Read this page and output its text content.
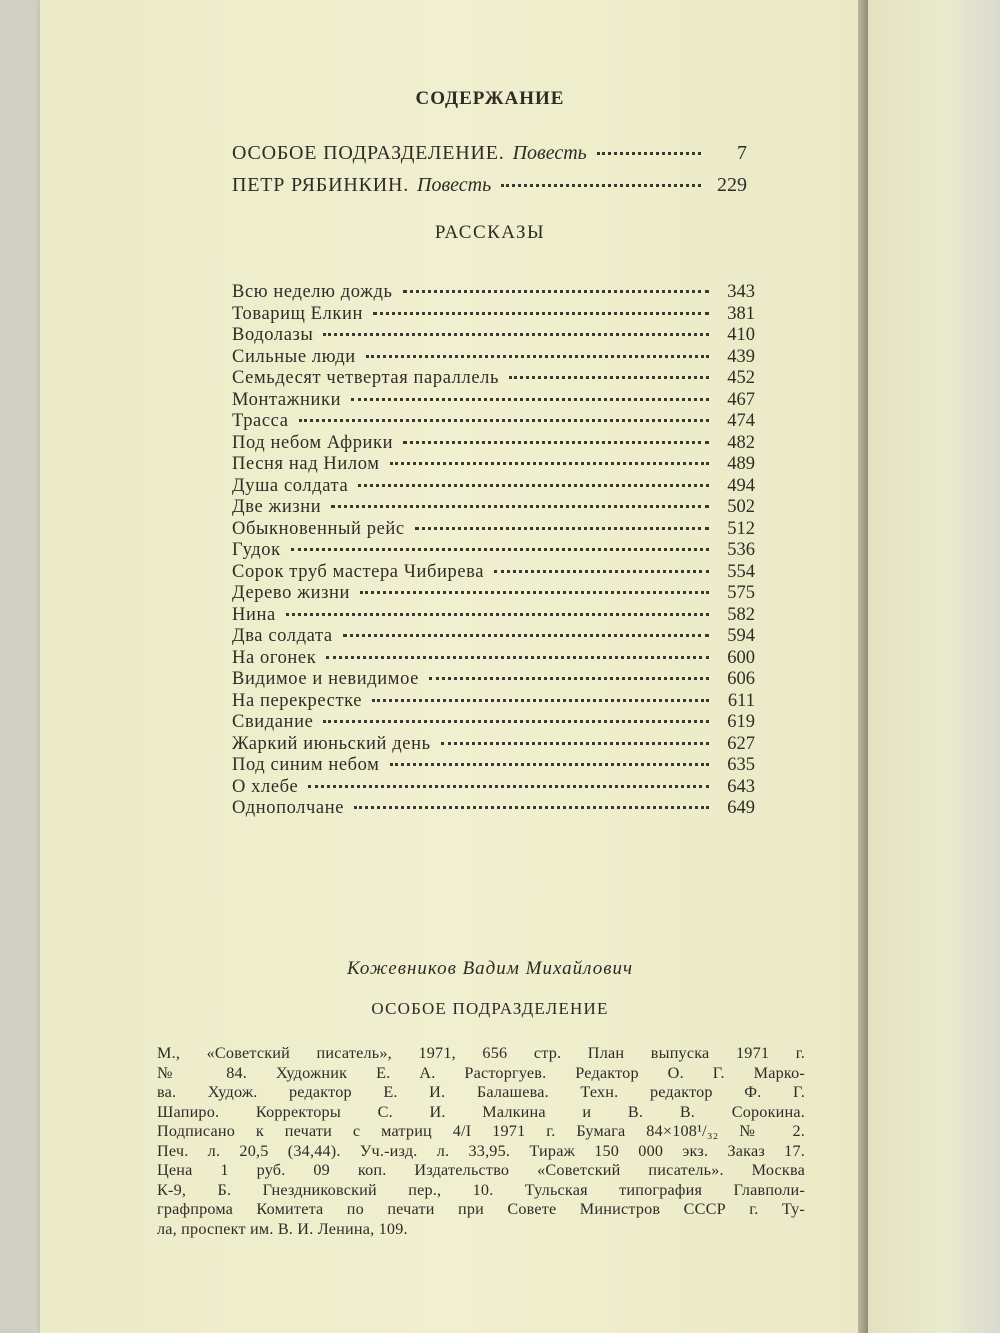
СОДЕРЖАНИЕ
ОСОБОЕ ПОДРАЗДЕЛЕНИЕ. Повесть	7
ПЕТР РЯБИНКИН. Повесть	229
РАССКАЗЫ
Всю неделю дождь	343
Товарищ Елкин	381
Водолазы	410
Сильные люди	439
Семьдесят четвертая параллель	452
Монтажники	467
Трасса	474
Под небом Африки	482
Песня над Нилом	489
Душа солдата	494
Две жизни	502
Обыкновенный рейс	512
Гудок	536
Сорок труб мастера Чибирева	554
Дерево жизни	575
Нина	582
Два солдата	594
На огонек	600
Видимое и невидимое	606
На перекрестке	611
Свидание	619
Жаркий июньский день	627
Под синим небом	635
О хлебе	643
Однополчане	649
Кожевников Вадим Михайлович
ОСОБОЕ ПОДРАЗДЕЛЕНИЕ
М., «Советский писатель», 1971, 656 стр. План выпуска 1971 г.
№ 84. Художник Е. А. Расторгуев. Редактор О. Г. Марко-
ва. Худож. редактор Е. И. Балашева. Техн. редактор Ф. Г.
Шапиро. Корректоры С. И. Малкина и В. В. Сорокина.
Подписано к печати с матриц 4/I 1971 г. Бумага 84×108¹/₃₂ № 2.
Печ. л. 20,5 (34,44). Уч.-изд. л. 33,95. Тираж 150 000 экз. Заказ 17.
Цена 1 руб. 09 коп. Издательство «Советский писатель». Москва
К-9, Б. Гнездниковский пер., 10. Тульская типография Главполи-
графпрома Комитета по печати при Совете Министров СССР г. Ту-
ла, проспект им. В. И. Ленина, 109.
